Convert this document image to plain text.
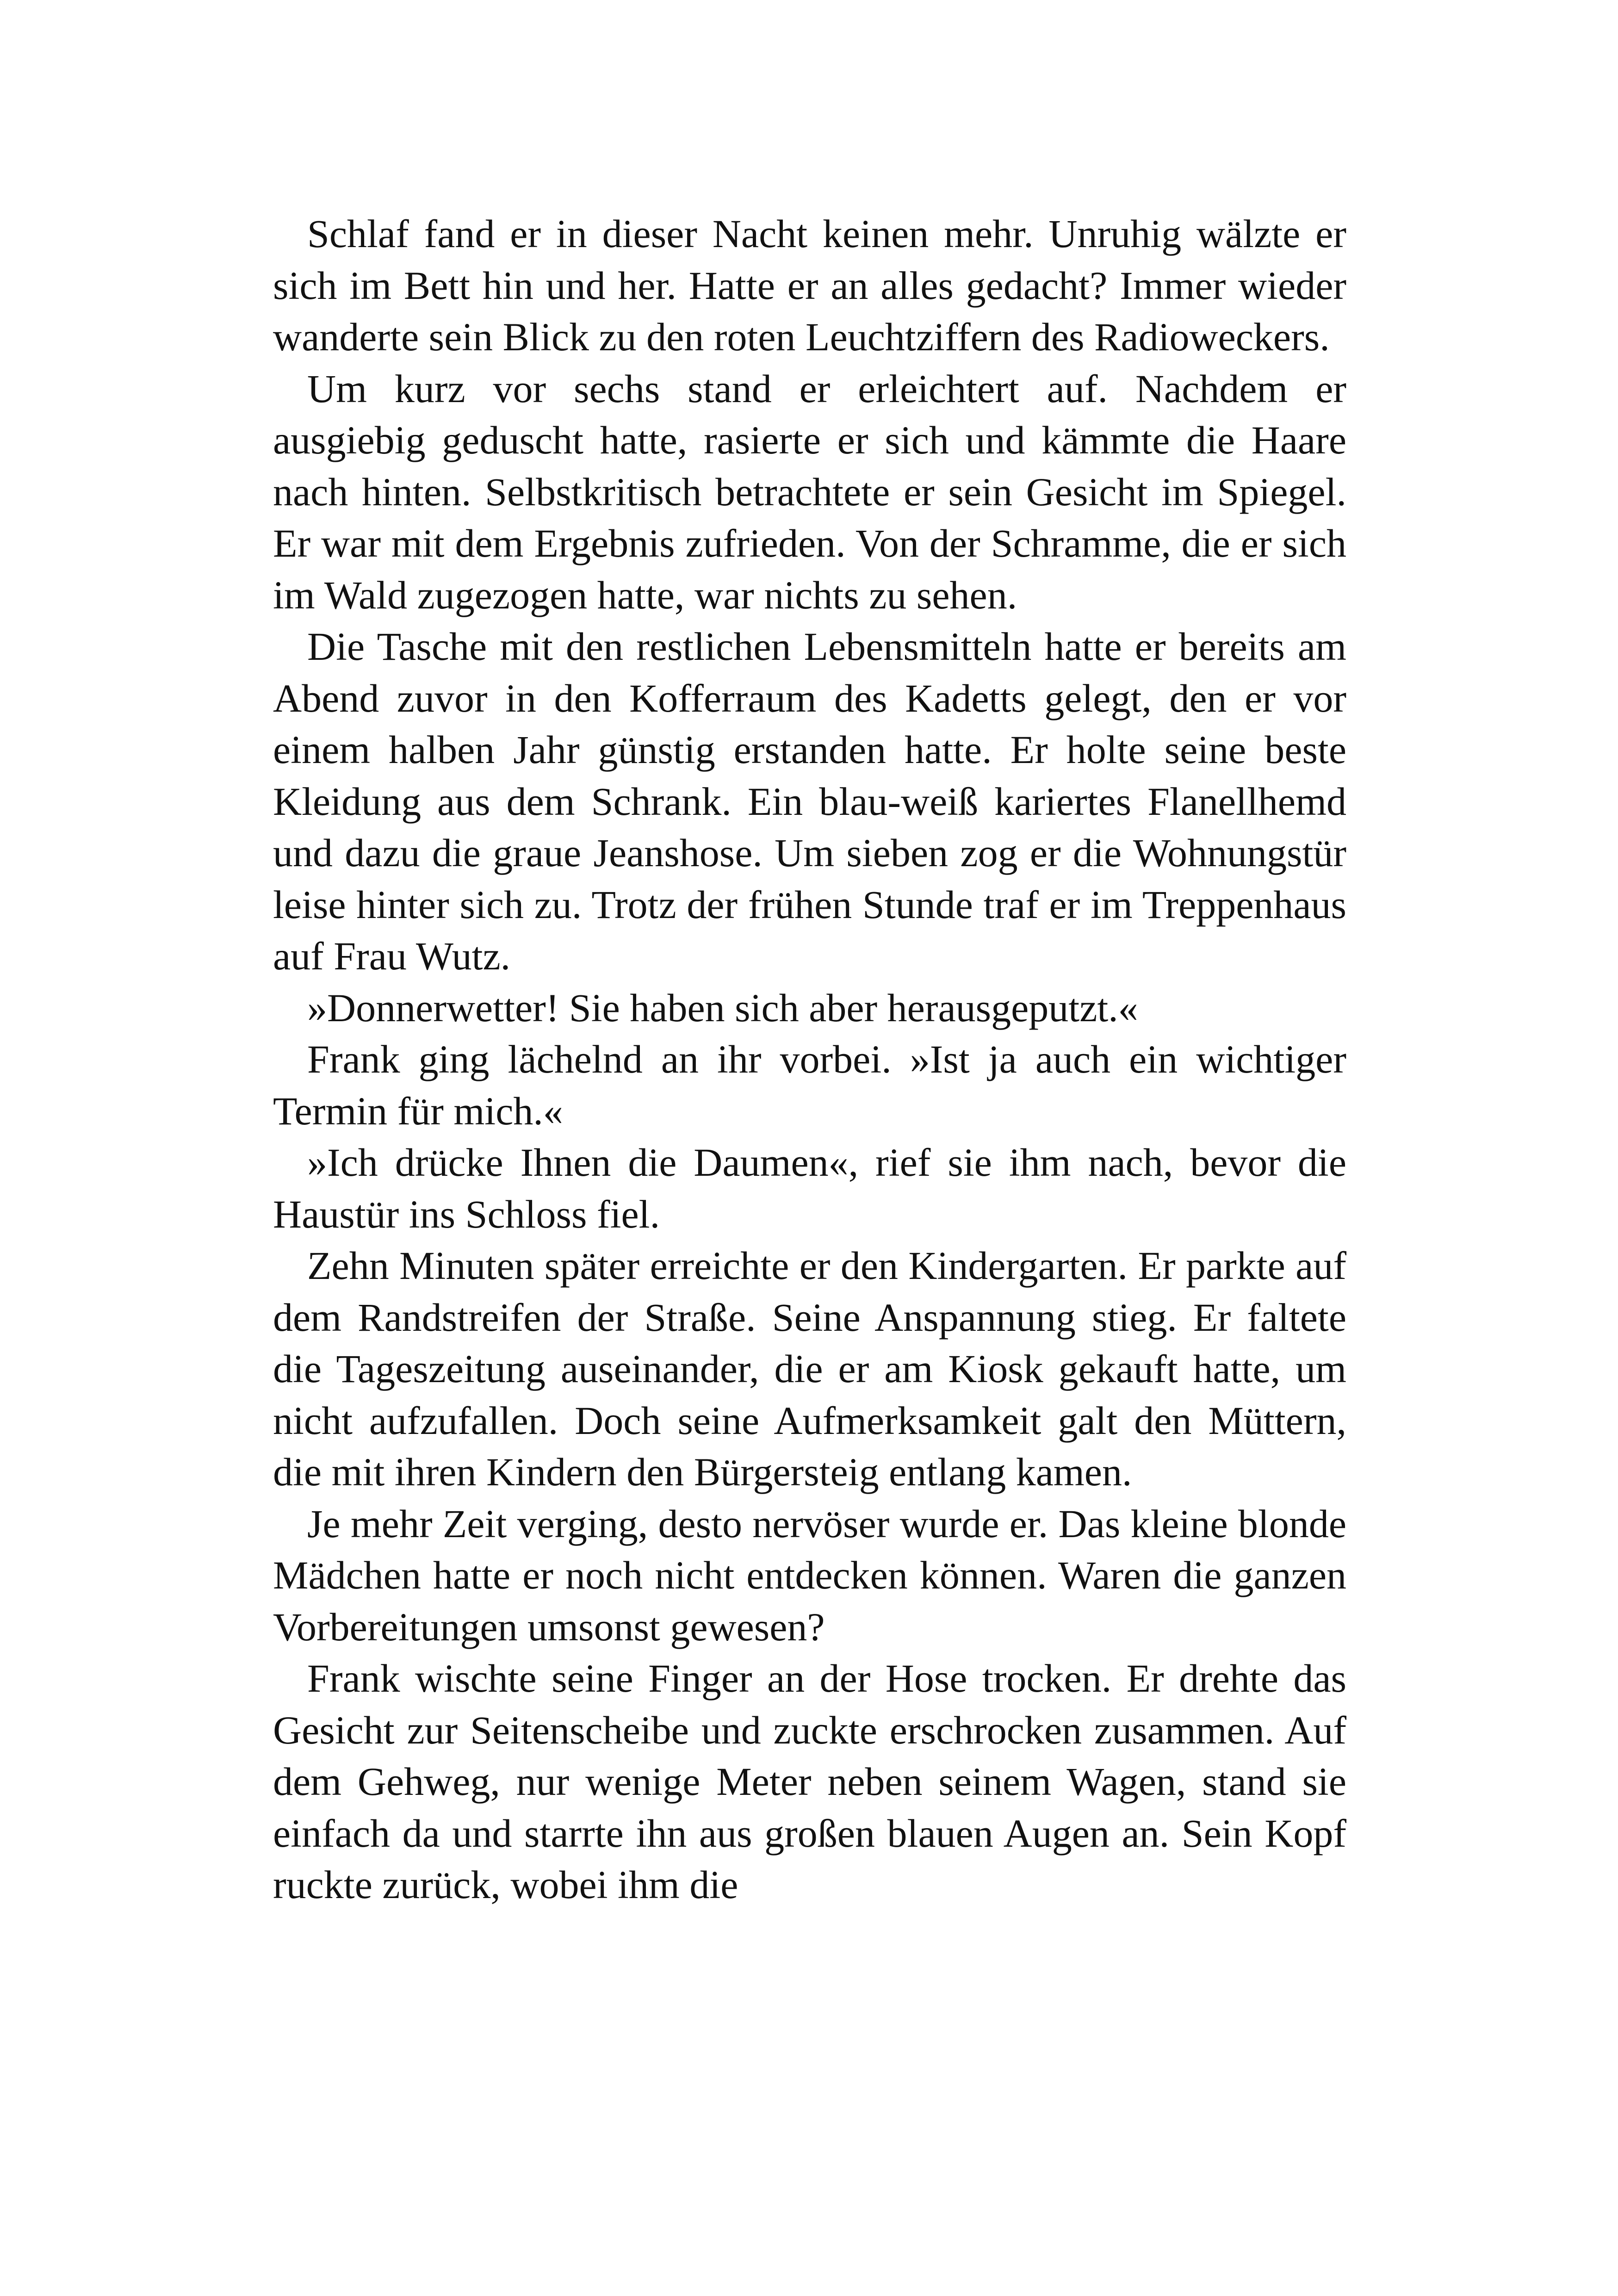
Schlaf fand er in dieser Nacht keinen mehr. Unruhig wälzte er sich im Bett hin und her. Hatte er an alles gedacht? Immer wieder wanderte sein Blick zu den roten Leuchtziffern des Radioweckers.

Um kurz vor sechs stand er erleichtert auf. Nachdem er ausgiebig geduscht hatte, rasierte er sich und kämmte die Haare nach hinten. Selbstkritisch betrachtete er sein Gesicht im Spiegel. Er war mit dem Ergebnis zufrieden. Von der Schramme, die er sich im Wald zugezogen hatte, war nichts zu sehen.

Die Tasche mit den restlichen Lebensmitteln hatte er bereits am Abend zuvor in den Kofferraum des Kadetts gelegt, den er vor einem halben Jahr günstig erstanden hatte. Er holte seine beste Kleidung aus dem Schrank. Ein blau-weiß kariertes Flanellhemd und dazu die graue Jeanshose. Um sieben zog er die Wohnungstür leise hinter sich zu. Trotz der frühen Stunde traf er im Treppenhaus auf Frau Wutz.

»Donnerwetter! Sie haben sich aber herausgeputzt.«

Frank ging lächelnd an ihr vorbei. »Ist ja auch ein wichtiger Termin für mich.«

»Ich drücke Ihnen die Daumen«, rief sie ihm nach, bevor die Haustür ins Schloss fiel.

Zehn Minuten später erreichte er den Kindergarten. Er parkte auf dem Randstreifen der Straße. Seine Anspannung stieg. Er faltete die Tageszeitung auseinander, die er am Kiosk gekauft hatte, um nicht aufzufallen. Doch seine Aufmerksamkeit galt den Müttern, die mit ihren Kindern den Bürgersteig entlang kamen.

Je mehr Zeit verging, desto nervöser wurde er. Das kleine blonde Mädchen hatte er noch nicht entdecken können. Waren die ganzen Vorbereitungen umsonst gewesen?

Frank wischte seine Finger an der Hose trocken. Er drehte das Gesicht zur Seitenscheibe und zuckte erschrocken zusammen. Auf dem Gehweg, nur wenige Meter neben seinem Wagen, stand sie einfach da und starrte ihn aus großen blauen Augen an. Sein Kopf ruckte zurück, wobei ihm die
